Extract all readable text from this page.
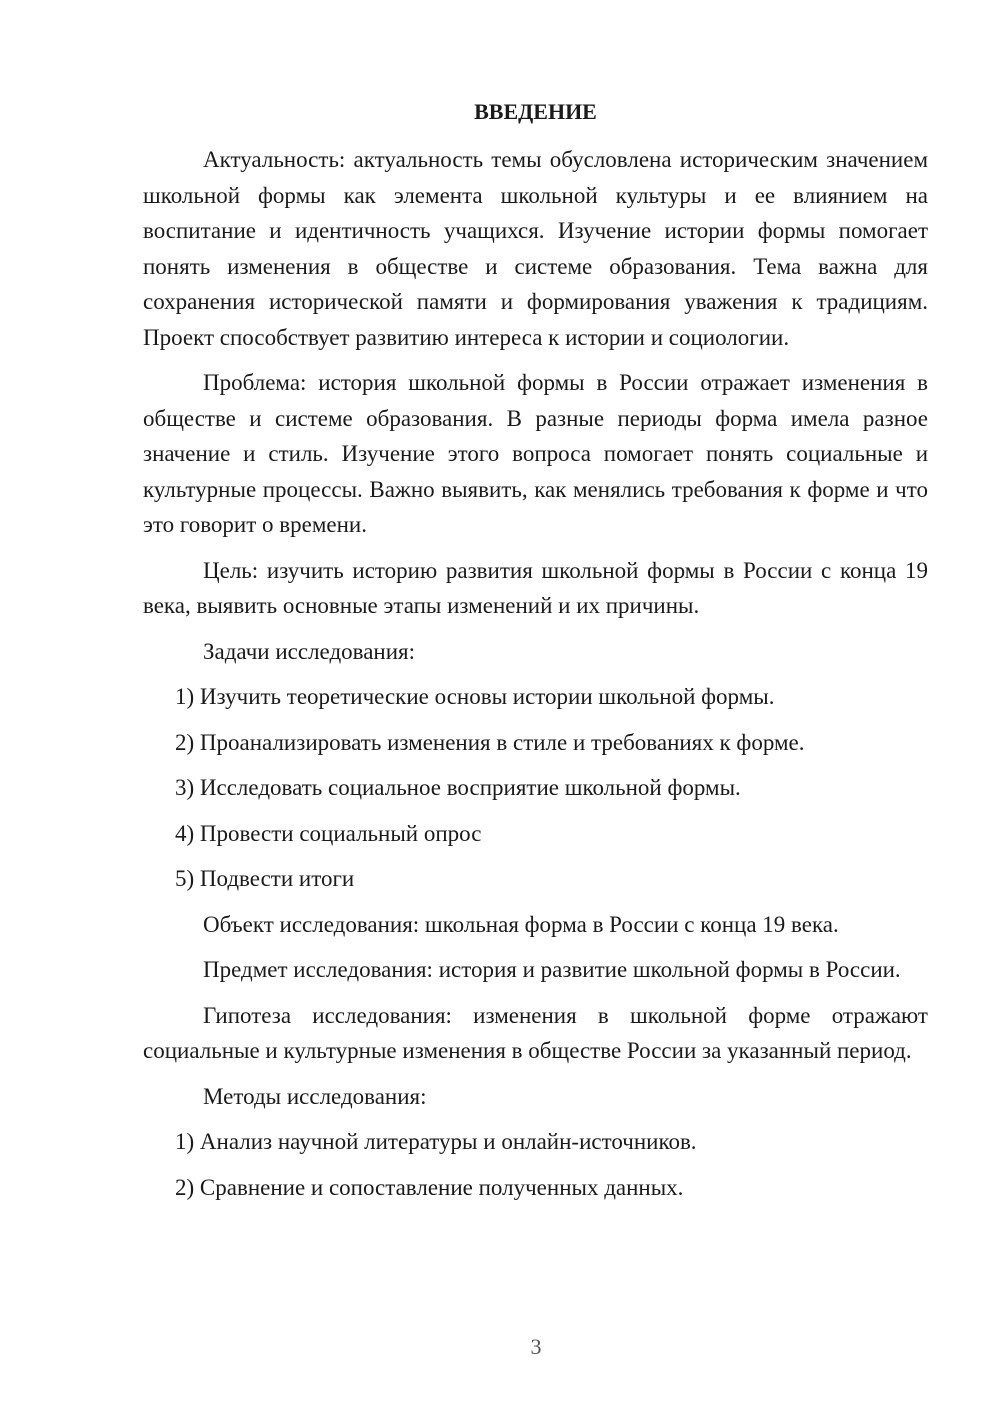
ВВЕДЕНИЕ

Актуальность: актуальность темы обусловлена историческим значением школьной формы как элемента школьной культуры и ее влиянием на воспитание и идентичность учащихся. Изучение истории формы помогает понять изменения в обществе и системе образования. Тема важна для сохранения исторической памяти и формирования уважения к традициям. Проект способствует развитию интереса к истории и социологии.

Проблема: история школьной формы в России отражает изменения в обществе и системе образования. В разные периоды форма имела разное значение и стиль. Изучение этого вопроса помогает понять социальные и культурные процессы. Важно выявить, как менялись требования к форме и что это говорит о времени.

Цель: изучить историю развития школьной формы в России с конца 19 века, выявить основные этапы изменений и их причины.

Задачи исследования:

1) Изучить теоретические основы истории школьной формы.

2) Проанализировать изменения в стиле и требованиях к форме.

3) Исследовать социальное восприятие школьной формы.

4) Провести социальный опрос

5) Подвести итоги

Объект исследования: школьная форма в России с конца 19 века.

Предмет исследования: история и развитие школьной формы в России.

Гипотеза исследования: изменения в школьной форме отражают социальные и культурные изменения в обществе России за указанный период.

Методы исследования:

1) Анализ научной литературы и онлайн-источников.

2) Сравнение и сопоставление полученных данных.

3
